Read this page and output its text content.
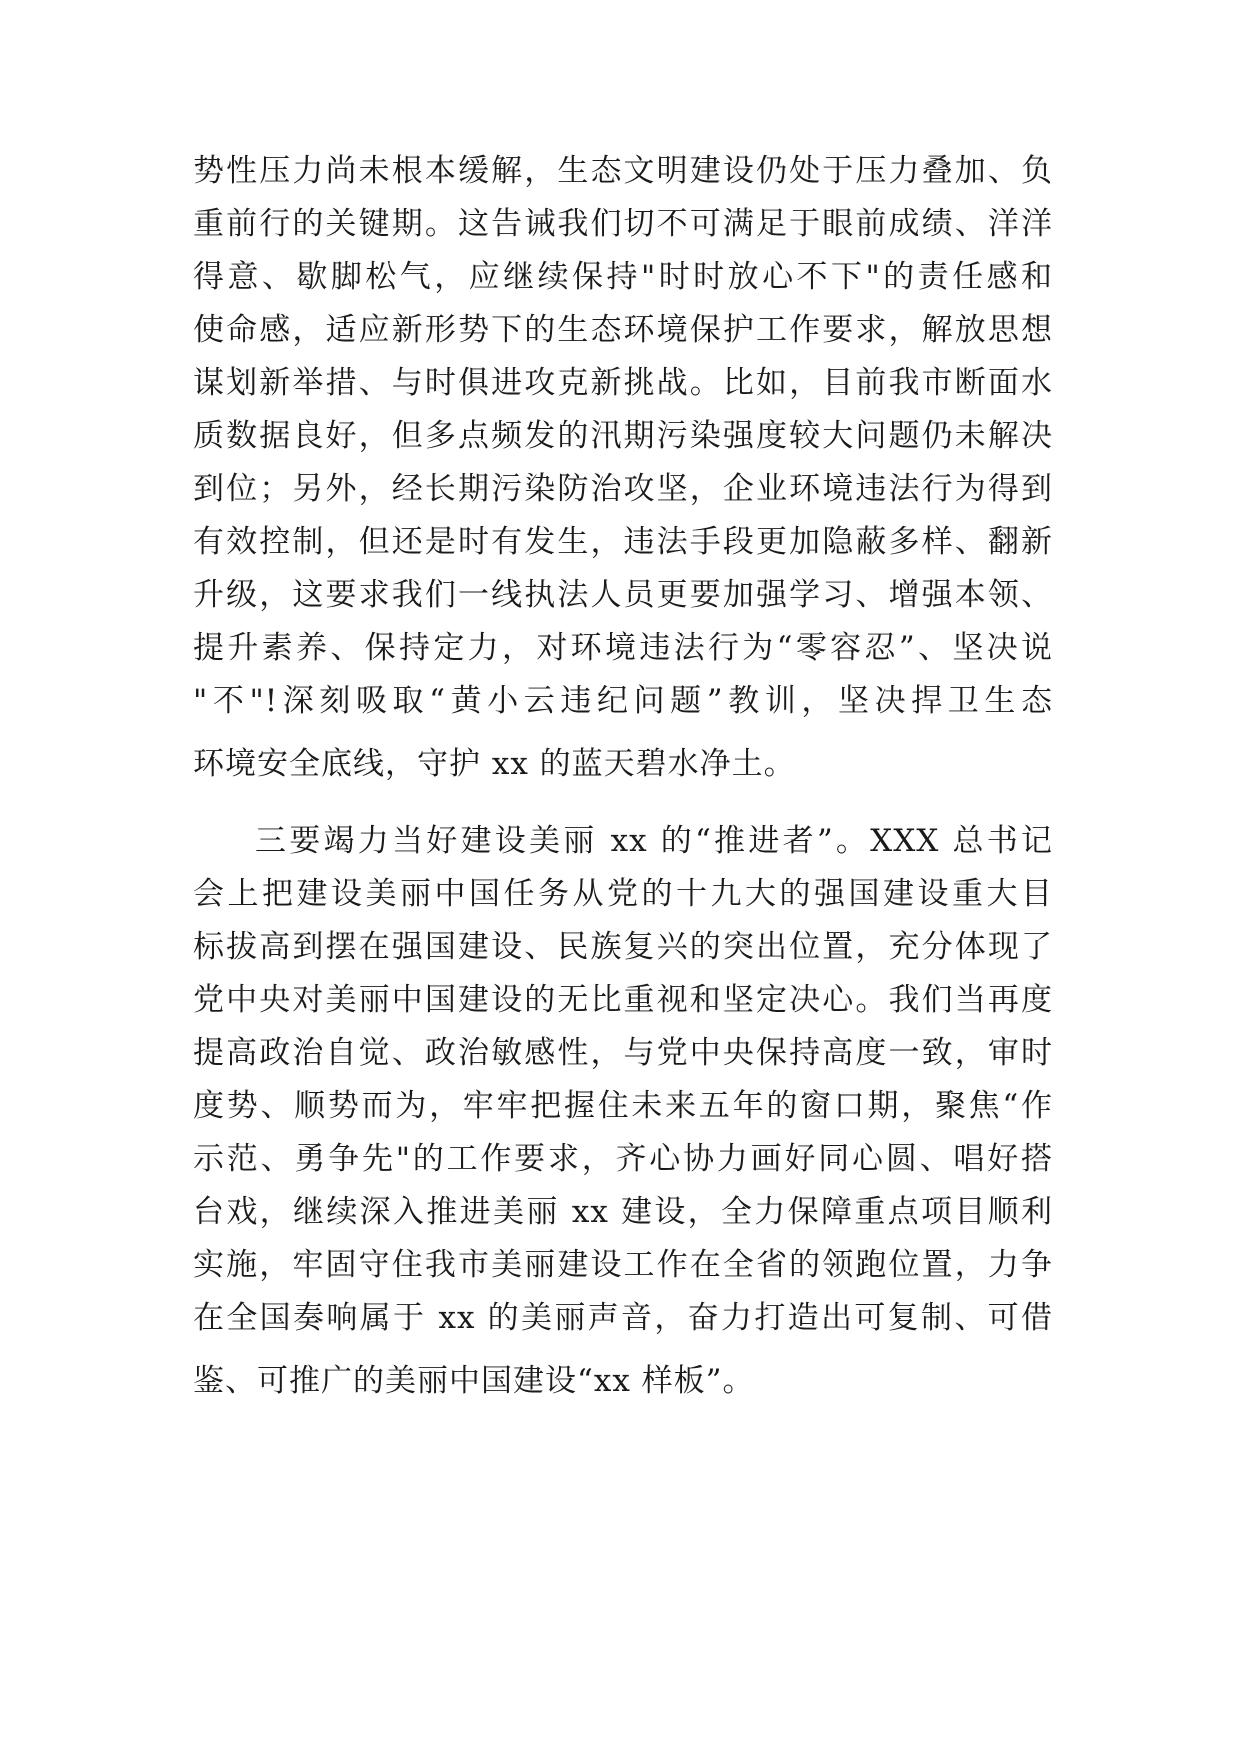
势性压力尚未根本缓解，生态文明建设仍处于压力叠加、负
重前行的关键期。这告诫我们切不可满足于眼前成绩、洋洋
得意、歇脚松气，应继续保持"时时放心不下"的责任感和
使命感，适应新形势下的生态环境保护工作要求，解放思想
谋划新举措、与时俱进攻克新挑战。比如，目前我市断面水
质数据良好，但多点频发的汛期污染强度较大问题仍未解决
到位；另外，经长期污染防治攻坚，企业环境违法行为得到
有效控制，但还是时有发生，违法手段更加隐蔽多样、翻新
升级，这要求我们一线执法人员更要加强学习、增强本领、
提升素养、保持定力，对环境违法行为“零容忍”、坚决说
"不"!深刻吸取“黄小云违纪问题”教训，坚决捍卫生态
环境安全底线，守护 xx 的蓝天碧水净土。
三要竭力当好建设美丽 xx 的“推进者”。XXX 总书记
会上把建设美丽中国任务从党的十九大的强国建设重大目
标拔高到摆在强国建设、民族复兴的突出位置，充分体现了
党中央对美丽中国建设的无比重视和坚定决心。我们当再度
提高政治自觉、政治敏感性，与党中央保持高度一致，审时
度势、顺势而为，牢牢把握住未来五年的窗口期，聚焦“作
示范、勇争先"的工作要求，齐心协力画好同心圆、唱好搭
台戏，继续深入推进美丽 xx 建设，全力保障重点项目顺利
实施，牢固守住我市美丽建设工作在全省的领跑位置，力争
在全国奏响属于 xx 的美丽声音，奋力打造出可复制、可借
鉴、可推广的美丽中国建设“xx 样板”。
